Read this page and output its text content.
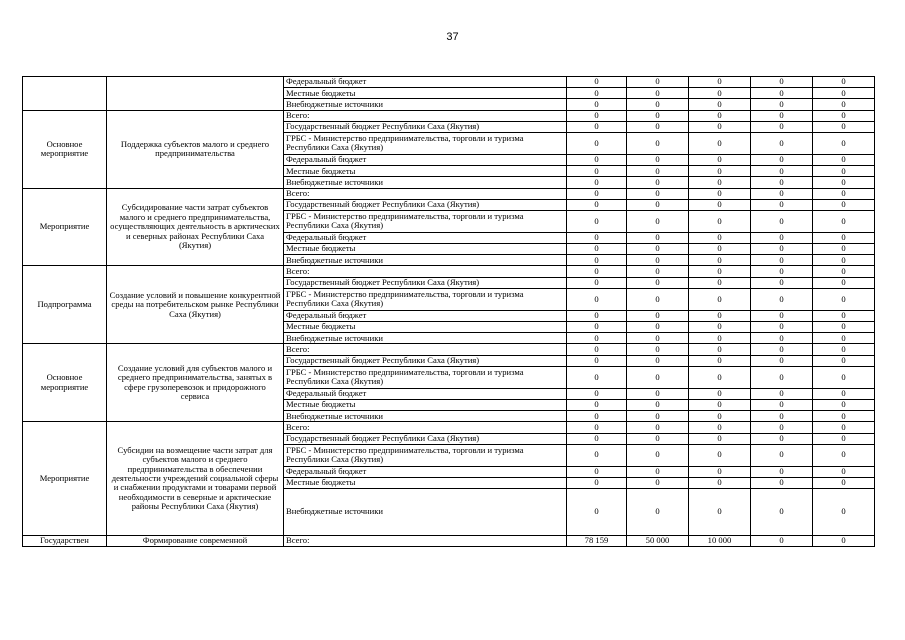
37
		Федеральный бюджет	0	0	0	0	0
		Местные бюджеты	0	0	0	0	0
		Внебюджетные источники	0	0	0	0	0
Основное мероприятие	Поддержка субъектов малого и среднего предпринимательства	Всего:	0	0	0	0	0
		Государственный бюджет Республики Саха (Якутия)	0	0	0	0	0
		ГРБС - Министерство предпринимательства, торговли и туризма Республики Саха (Якутия)	0	0	0	0	0
		Федеральный бюджет	0	0	0	0	0
		Местные бюджеты	0	0	0	0	0
		Внебюджетные источники	0	0	0	0	0
Мероприятие	Субсидирование части затрат субъектов малого и среднего предпринимательства, осуществляющих деятельность в арктических и северных районах Республики Саха (Якутия)	Всего:	0	0	0	0	0
		Государственный бюджет Республики Саха (Якутия)	0	0	0	0	0
		ГРБС - Министерство предпринимательства, торговли и туризма Республики Саха (Якутия)	0	0	0	0	0
		Федеральный бюджет	0	0	0	0	0
		Местные бюджеты	0	0	0	0	0
		Внебюджетные источники	0	0	0	0	0
Подпрограмма	Создание условий и повышение конкурентной среды на потребительском рынке Республики Саха (Якутия)	Всего:	0	0	0	0	0
		Государственный бюджет Республики Саха (Якутия)	0	0	0	0	0
		ГРБС - Министерство предпринимательства, торговли и туризма Республики Саха (Якутия)	0	0	0	0	0
		Федеральный бюджет	0	0	0	0	0
		Местные бюджеты	0	0	0	0	0
		Внебюджетные источники	0	0	0	0	0
Основное мероприятие	Создание условий для субъектов малого и среднего предпринимательства, занятых в сфере грузоперевозок и придорожного сервиса	Всего:	0	0	0	0	0
		Государственный бюджет Республики Саха (Якутия)	0	0	0	0	0
		ГРБС - Министерство предпринимательства, торговли и туризма Республики Саха (Якутия)	0	0	0	0	0
		Федеральный бюджет	0	0	0	0	0
		Местные бюджеты	0	0	0	0	0
		Внебюджетные источники	0	0	0	0	0
Мероприятие	Субсидии на возмещение части затрат для субъектов малого и среднего предпринимательства в обеспечении деятельности учреждений социальной сферы и снабжении продуктами и товарами первой необходимости в северные и арктические районы Республики Саха (Якутия)	Всего:	0	0	0	0	0
		Государственный бюджет Республики Саха (Якутия)	0	0	0	0	0
		ГРБС - Министерство предпринимательства, торговли и туризма Республики Саха (Якутия)	0	0	0	0	0
		Федеральный бюджет	0	0	0	0	0
		Местные бюджеты	0	0	0	0	0
		Внебюджетные источники	0	0	0	0	0
Государствен	Формирование современной	Всего:	78 159	50 000	10 000	0	0
